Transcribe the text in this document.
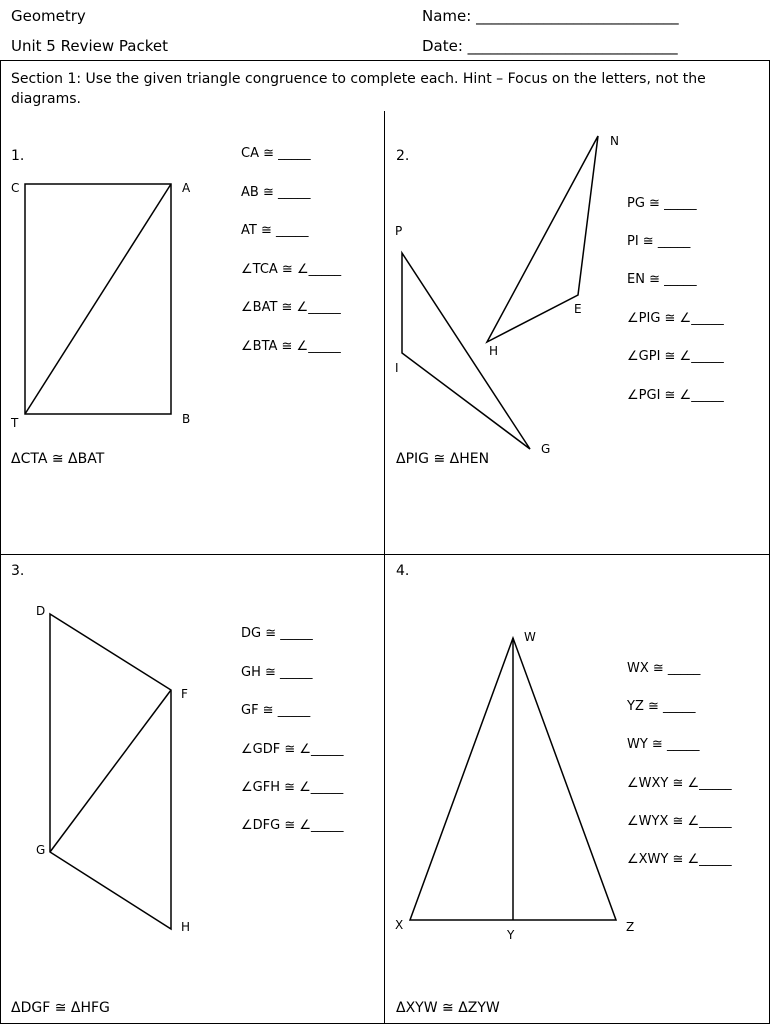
Geometry	Name: ___________________________
Unit 5 Review Packet	Date: ____________________________
Section 1: Use the given triangle congruence to complete each. Hint – Focus on the letters, not the diagrams.
1.
C	A
T	B
CA ≅ _____
AB ≅ _____
AT ≅ _____
∠TCA ≅ ∠_____
∠BAT ≅ ∠_____
∠BTA ≅ ∠_____
ΔCTA ≅ ΔBAT
2.
N
P
E
H
I
G
PG ≅ _____
PI ≅ _____
EN ≅ _____
∠PIG ≅ ∠_____
∠GPI ≅ ∠_____
∠PGI ≅ ∠_____
ΔPIG ≅ ΔHEN
3.
D
F
G
H
DG ≅ _____
GH ≅ _____
GF ≅ _____
∠GDF ≅ ∠_____
∠GFH ≅ ∠_____
∠DFG ≅ ∠_____
ΔDGF ≅ ΔHFG
4.
W
X
Y
Z
WX ≅ _____
YZ ≅ _____
WY ≅ _____
∠WXY ≅ ∠_____
∠WYX ≅ ∠_____
∠XWY ≅ ∠_____
ΔXYW ≅ ΔZYW
